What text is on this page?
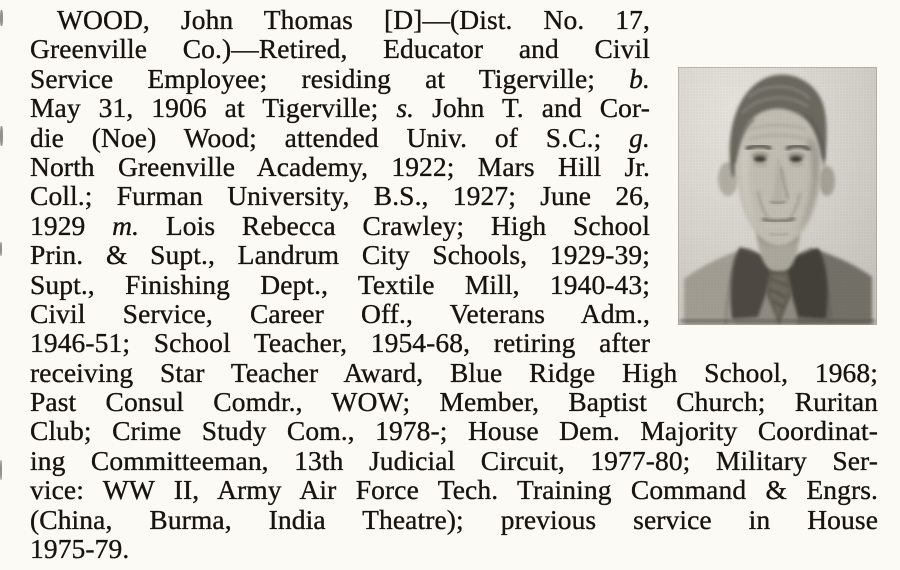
WOOD, John Thomas [D]—(Dist. No. 17,
Greenville Co.)—Retired, Educator and Civil
Service Employee; residing at Tigerville; b.
May 31, 1906 at Tigerville; s. John T. and Cor-
die (Noe) Wood; attended Univ. of S.C.; g.
North Greenville Academy, 1922; Mars Hill Jr.
Coll.; Furman University, B.S., 1927; June 26,
1929 m. Lois Rebecca Crawley; High School
Prin. & Supt., Landrum City Schools, 1929-39;
Supt., Finishing Dept., Textile Mill, 1940-43;
Civil Service, Career Off., Veterans Adm.,
1946-51; School Teacher, 1954-68, retiring after
receiving Star Teacher Award, Blue Ridge High School, 1968;
Past Consul Comdr., WOW; Member, Baptist Church; Ruritan
Club; Crime Study Com., 1978-; House Dem. Majority Coordinat-
ing Committeeman, 13th Judicial Circuit, 1977-80; Military Ser-
vice: WW II, Army Air Force Tech. Training Command & Engrs.
(China, Burma, India Theatre); previous service in House
1975-79.
